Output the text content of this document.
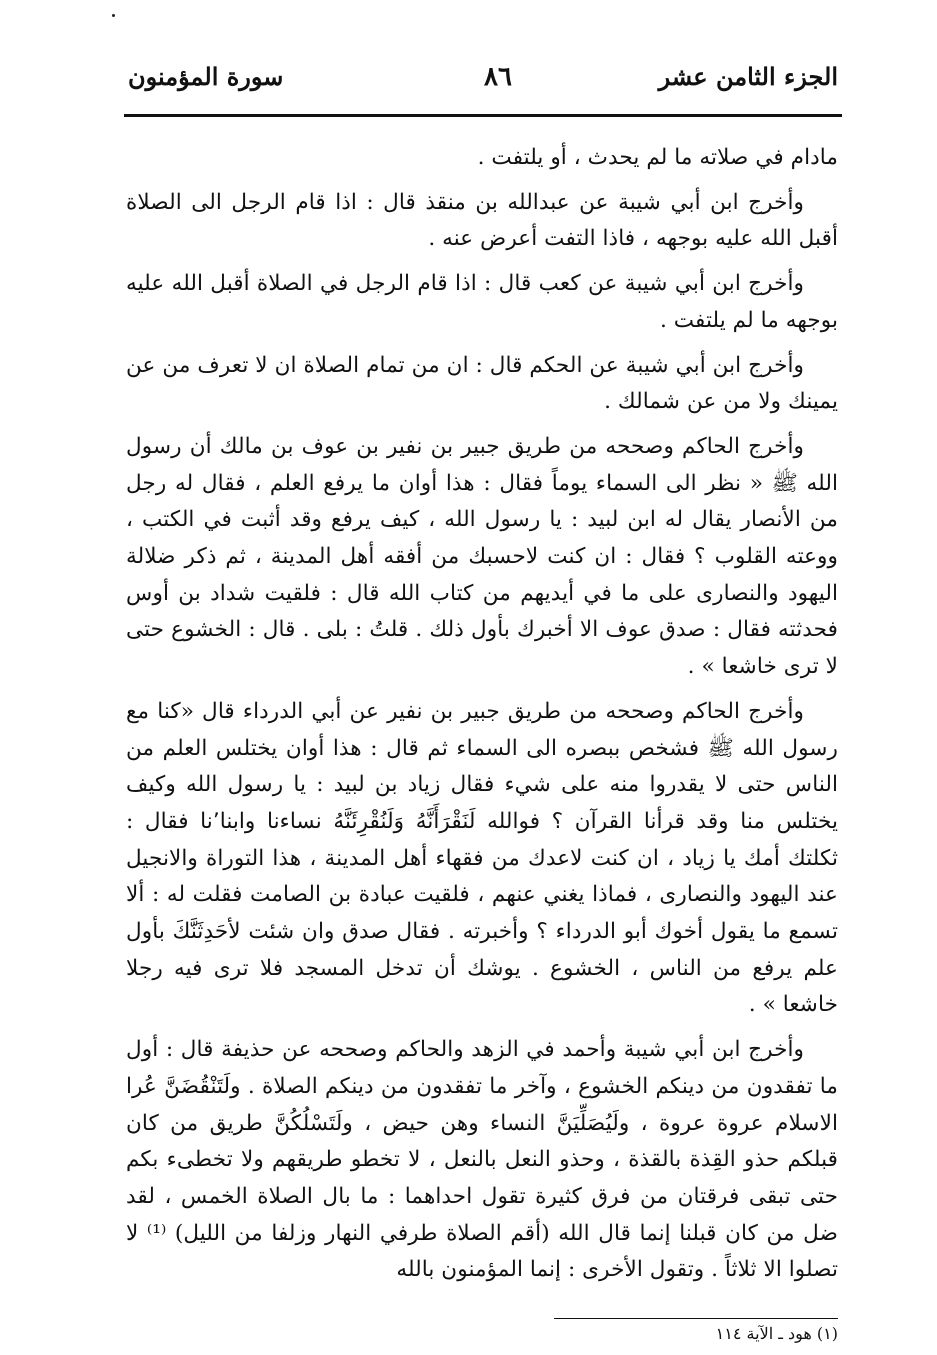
الجزء الثامن عشر
٨٦
سورة المؤمنون

مادام في صلاته ما لم يحدث ، أو يلتفت .

وأخرج ابن أبي شيبة عن عبدالله بن منقذ قال : اذا قام الرجل الى الصلاة أقبل الله عليه بوجهه ، فاذا التفت أعرض عنه .

وأخرج ابن أبي شيبة عن كعب قال : اذا قام الرجل في الصلاة أقبل الله عليه بوجهه ما لم يلتفت .

وأخرج ابن أبي شيبة عن الحكم قال : ان من تمام الصلاة ان لا تعرف من عن يمينك ولا من عن شمالك .

وأخرج الحاكم وصححه من طريق جبير بن نفير بن عوف بن مالك أن رسول الله ﷺ « نظر الى السماء يوماً فقال : هذا أوان ما يرفع العلم ، فقال له رجل من الأنصار يقال له ابن لبيد : يا رسول الله ، كيف يرفع وقد أثبت في الكتب ، ووعته القلوب ؟ فقال : ان كنت لاحسبك من أفقه أهل المدينة ، ثم ذكر ضلالة اليهود والنصارى على ما في أيديهم من كتاب الله قال : فلقيت شداد بن أوس فحدثته فقال : صدق عوف الا أخبرك بأول ذلك . قلتُ : بلى . قال : الخشوع حتى لا ترى خاشعا » .

وأخرج الحاكم وصححه من طريق جبير بن نفير عن أبي الدرداء قال «كنا مع رسول الله ﷺ فشخص ببصره الى السماء ثم قال : هذا أوان يختلس العلم من الناس حتى لا يقدروا منه على شيء فقال زياد بن لبيد : يا رسول الله وكيف يختلس منا وقد قرأنا القرآن ؟ فوالله لَنَقْرَأَنَّهُ وَلَنُقْرِئَنَّهُ نساءنا وابنا٬نا فقال : ثكلتك أمك يا زياد ، ان كنت لاعدك من فقهاء أهل المدينة ، هذا التوراة والانجيل عند اليهود والنصارى ، فماذا يغني عنهم ، فلقيت عبادة بن الصامت فقلت له : ألا تسمع ما يقول أخوك أبو الدرداء ؟ وأخبرته . فقال صدق وان شئت لأحَدِثَنَّكَ بأول علم يرفع من الناس ، الخشوع . يوشك أن تدخل المسجد فلا ترى فيه رجلا خاشعا » .

وأخرج ابن أبي شيبة وأحمد في الزهد والحاكم وصححه عن حذيفة قال : أول ما تفقدون من دينكم الخشوع ، وآخر ما تفقدون من دينكم الصلاة . ولَتَنْقُضَنَّ عُرا الاسلام عروة عروة ، ولَيُصَلِّيَنَّ النساء وهن حيض ، ولَتَسْلُكُنَّ طريق من كان قبلكم حذو القِذة بالقذة ، وحذو النعل بالنعل ، لا تخطو طريقهم ولا تخطىء بكم حتى تبقى فرقتان من فرق كثيرة تقول احداهما : ما بال الصلاة الخمس ، لقد ضل من كان قبلنا إنما قال الله (أقم الصلاة طرفي النهار وزلفا من الليل) ⁽¹⁾ لا تصلوا الا ثلاثاً . وتقول الأخرى : إنما المؤمنون بالله

(١) هود ـ الآية ١١٤
